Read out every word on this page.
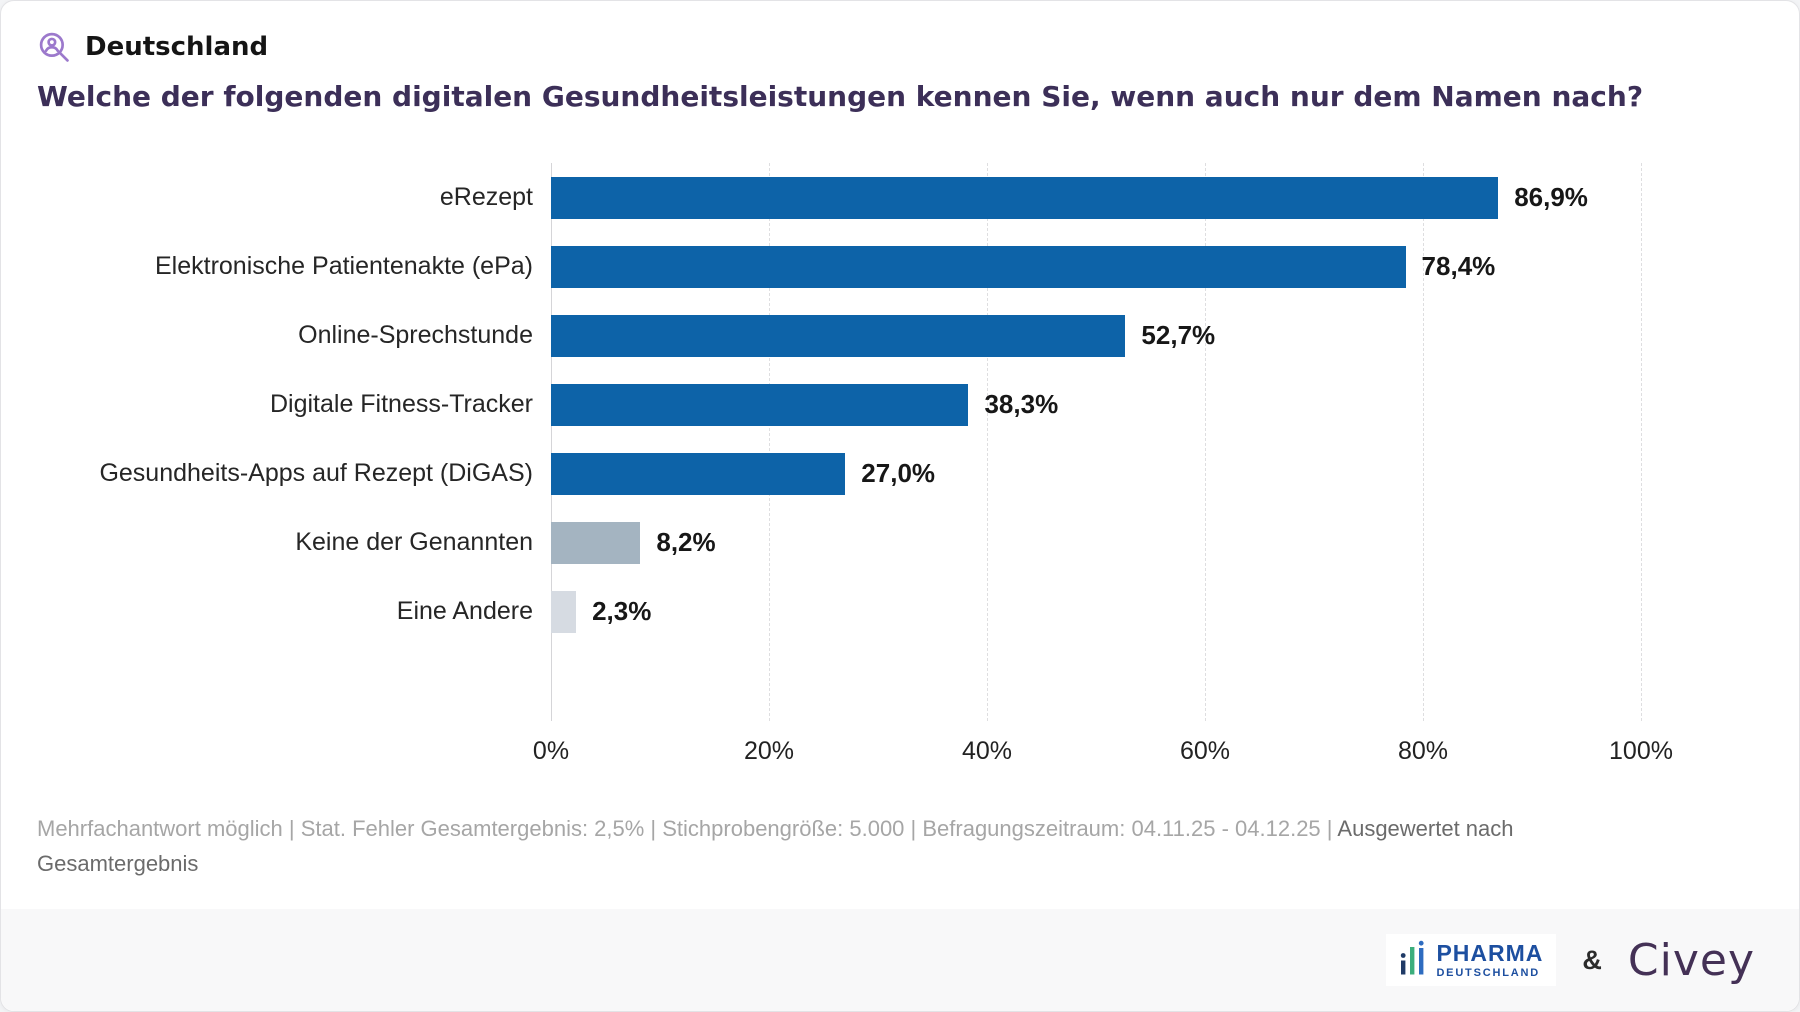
Deutschland
Welche der folgenden digitalen Gesundheitsleistungen kennen Sie, wenn auch nur dem Namen nach?
0%	20%	40%	60%	80%	100%
eRezept	86,9%
Elektronische Patientenakte (ePa)	78,4%
Online-Sprechstunde	52,7%
Digitale Fitness-Tracker	38,3%
Gesundheits-Apps auf Rezept (DiGAS)	27,0%
Keine der Genannten	8,2%
Eine Andere	2,3%

Mehrfachantwort möglich | Stat. Fehler Gesamtergebnis: 2,5% | Stichprobengröße: 5.000 | Befragungszeitraum: 04.11.25 - 04.12.25 | Ausgewertet nach
Gesamtergebnis

PHARMA
DEUTSCHLAND & Civey
